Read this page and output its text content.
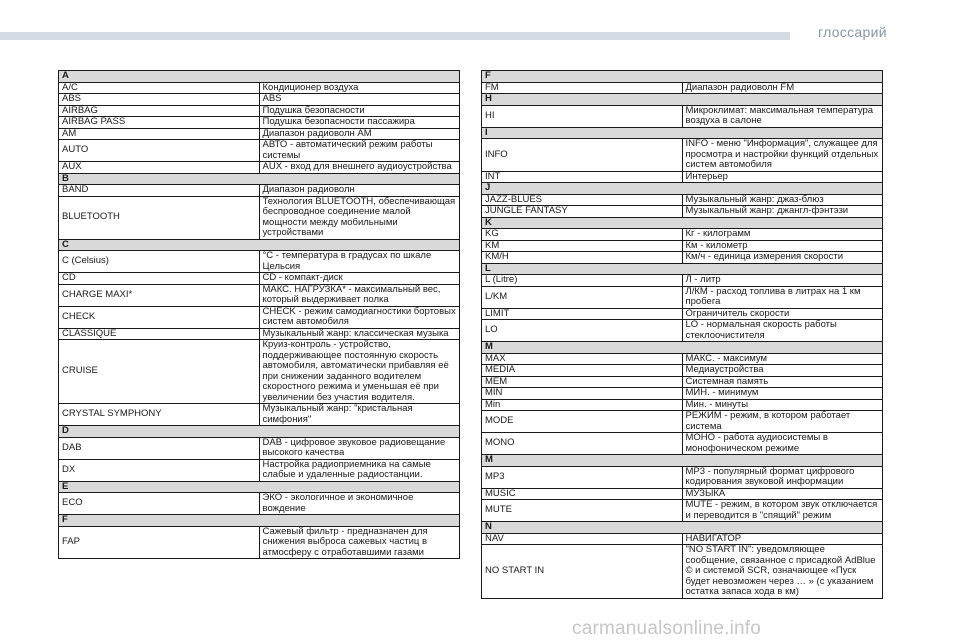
глоссарий
A	
A/C	Кондиционер воздуха
ABS	ABS
AIRBAG	Подушка безопасности
AIRBAG PASS	Подушка безопасности пассажира
AM	Диапазон радиоволн AM
AUTO	АВТО - автоматический режим работы системы
AUX	AUX - вход для внешнего аудиоустройства
B	
BAND	Диапазон радиоволн
BLUETOOTH	Технология BLUETOOTH, обеспечивающая беспроводное соединение малой мощности между мобильными устройствами
C	
C (Celsius)	°C - температура в градусах по шкале Цельсия
CD	CD - компакт-диск
CHARGE MAXI*	МАКС. НАГРУЗКА* - максимальный вес, который выдерживает полка
CHECK	CHECK - режим самодиагностики бортовых систем автомобиля
CLASSIQUE	Музыкальный жанр: классическая музыка
CRUISE	Круиз-контроль - устройство, поддерживающее постоянную скорость автомобиля, автоматически прибавляя её при снижении заданного водителем скоростного режима и уменьшая её при увеличении без участия водителя.
CRYSTAL SYMPHONY	Музыкальный жанр: "кристальная симфония"
D	
DAB	DAB - цифровое звуковое радиовещание высокого качества
DX	Настройка радиоприемника на самые слабые и удаленные радиостанции.
E	
ECO	ЭКО - экологичное и экономичное вождение
F	
FAP	Сажевый фильтр - предназначен для снижения выброса сажевых частиц в атмосферу с отработавшими газами
F	
FM	Диапазон радиоволн FM
H	
HI	Микроклимат: максимальная температура воздуха в салоне
I	
INFO	INFO - меню "Информация", служащее для просмотра и настройки функций отдельных систем автомобиля
INT	Интерьер
J	
JAZZ-BLUES	Музыкальный жанр: джаз-блюз
JUNGLE FANTASY	Музыкальный жанр: джангл-фэнтэзи
K	
KG	Кг - килограмм
KM	Км - километр
KM/H	Км/ч - единица измерения скорости
L	
L (Litre)	Л - литр
L/KM	Л/КМ - расход топлива в литрах на 1 км пробега
LIMIT	Ограничитель скорости
LO	LO - нормальная скорость работы стеклоочистителя
M	
MAX	МАКС. - максимум
MEDIA	Медиаустройства
MEM	Системная память
MIN	МИН. - минимум
Min	Мин. - минуты
MODE	РЕЖИМ - режим, в котором работает система
MONO	МОНО - работа аудиосистемы в монофоническом режиме
M	
MP3	MP3 - популярный формат цифрового кодирования звуковой информации
MUSIC	МУЗЫКА
MUTE	MUTE - режим, в котором звук отключается и переводится в "спящий" режим
N	
NAV	НАВИГАТОР
NO START IN	"NO START IN": уведомляющее сообщение, связанное с присадкой AdBlue © и системой SCR, означающее «Пуск будет невозможен через … » (с указанием остатка запаса хода в км)
carmanualsonline.info
